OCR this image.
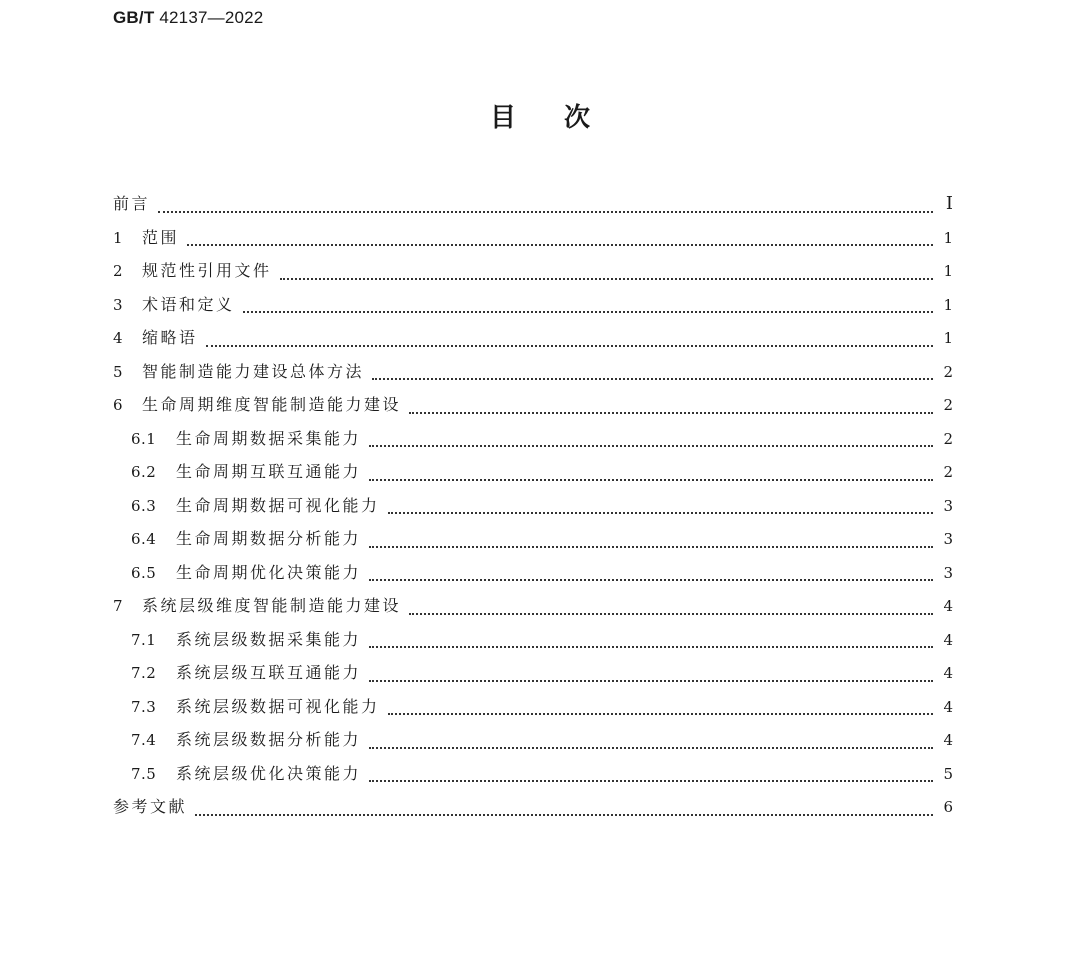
GB/T 42137—2022
目次
前言	Ⅰ
1	范围	1
2	规范性引用文件	1
3	术语和定义	1
4	缩略语	1
5	智能制造能力建设总体方法	2
6	生命周期维度智能制造能力建设	2
6.1	生命周期数据采集能力	2
6.2	生命周期互联互通能力	2
6.3	生命周期数据可视化能力	3
6.4	生命周期数据分析能力	3
6.5	生命周期优化决策能力	3
7	系统层级维度智能制造能力建设	4
7.1	系统层级数据采集能力	4
7.2	系统层级互联互通能力	4
7.3	系统层级数据可视化能力	4
7.4	系统层级数据分析能力	4
7.5	系统层级优化决策能力	5
参考文献	6
